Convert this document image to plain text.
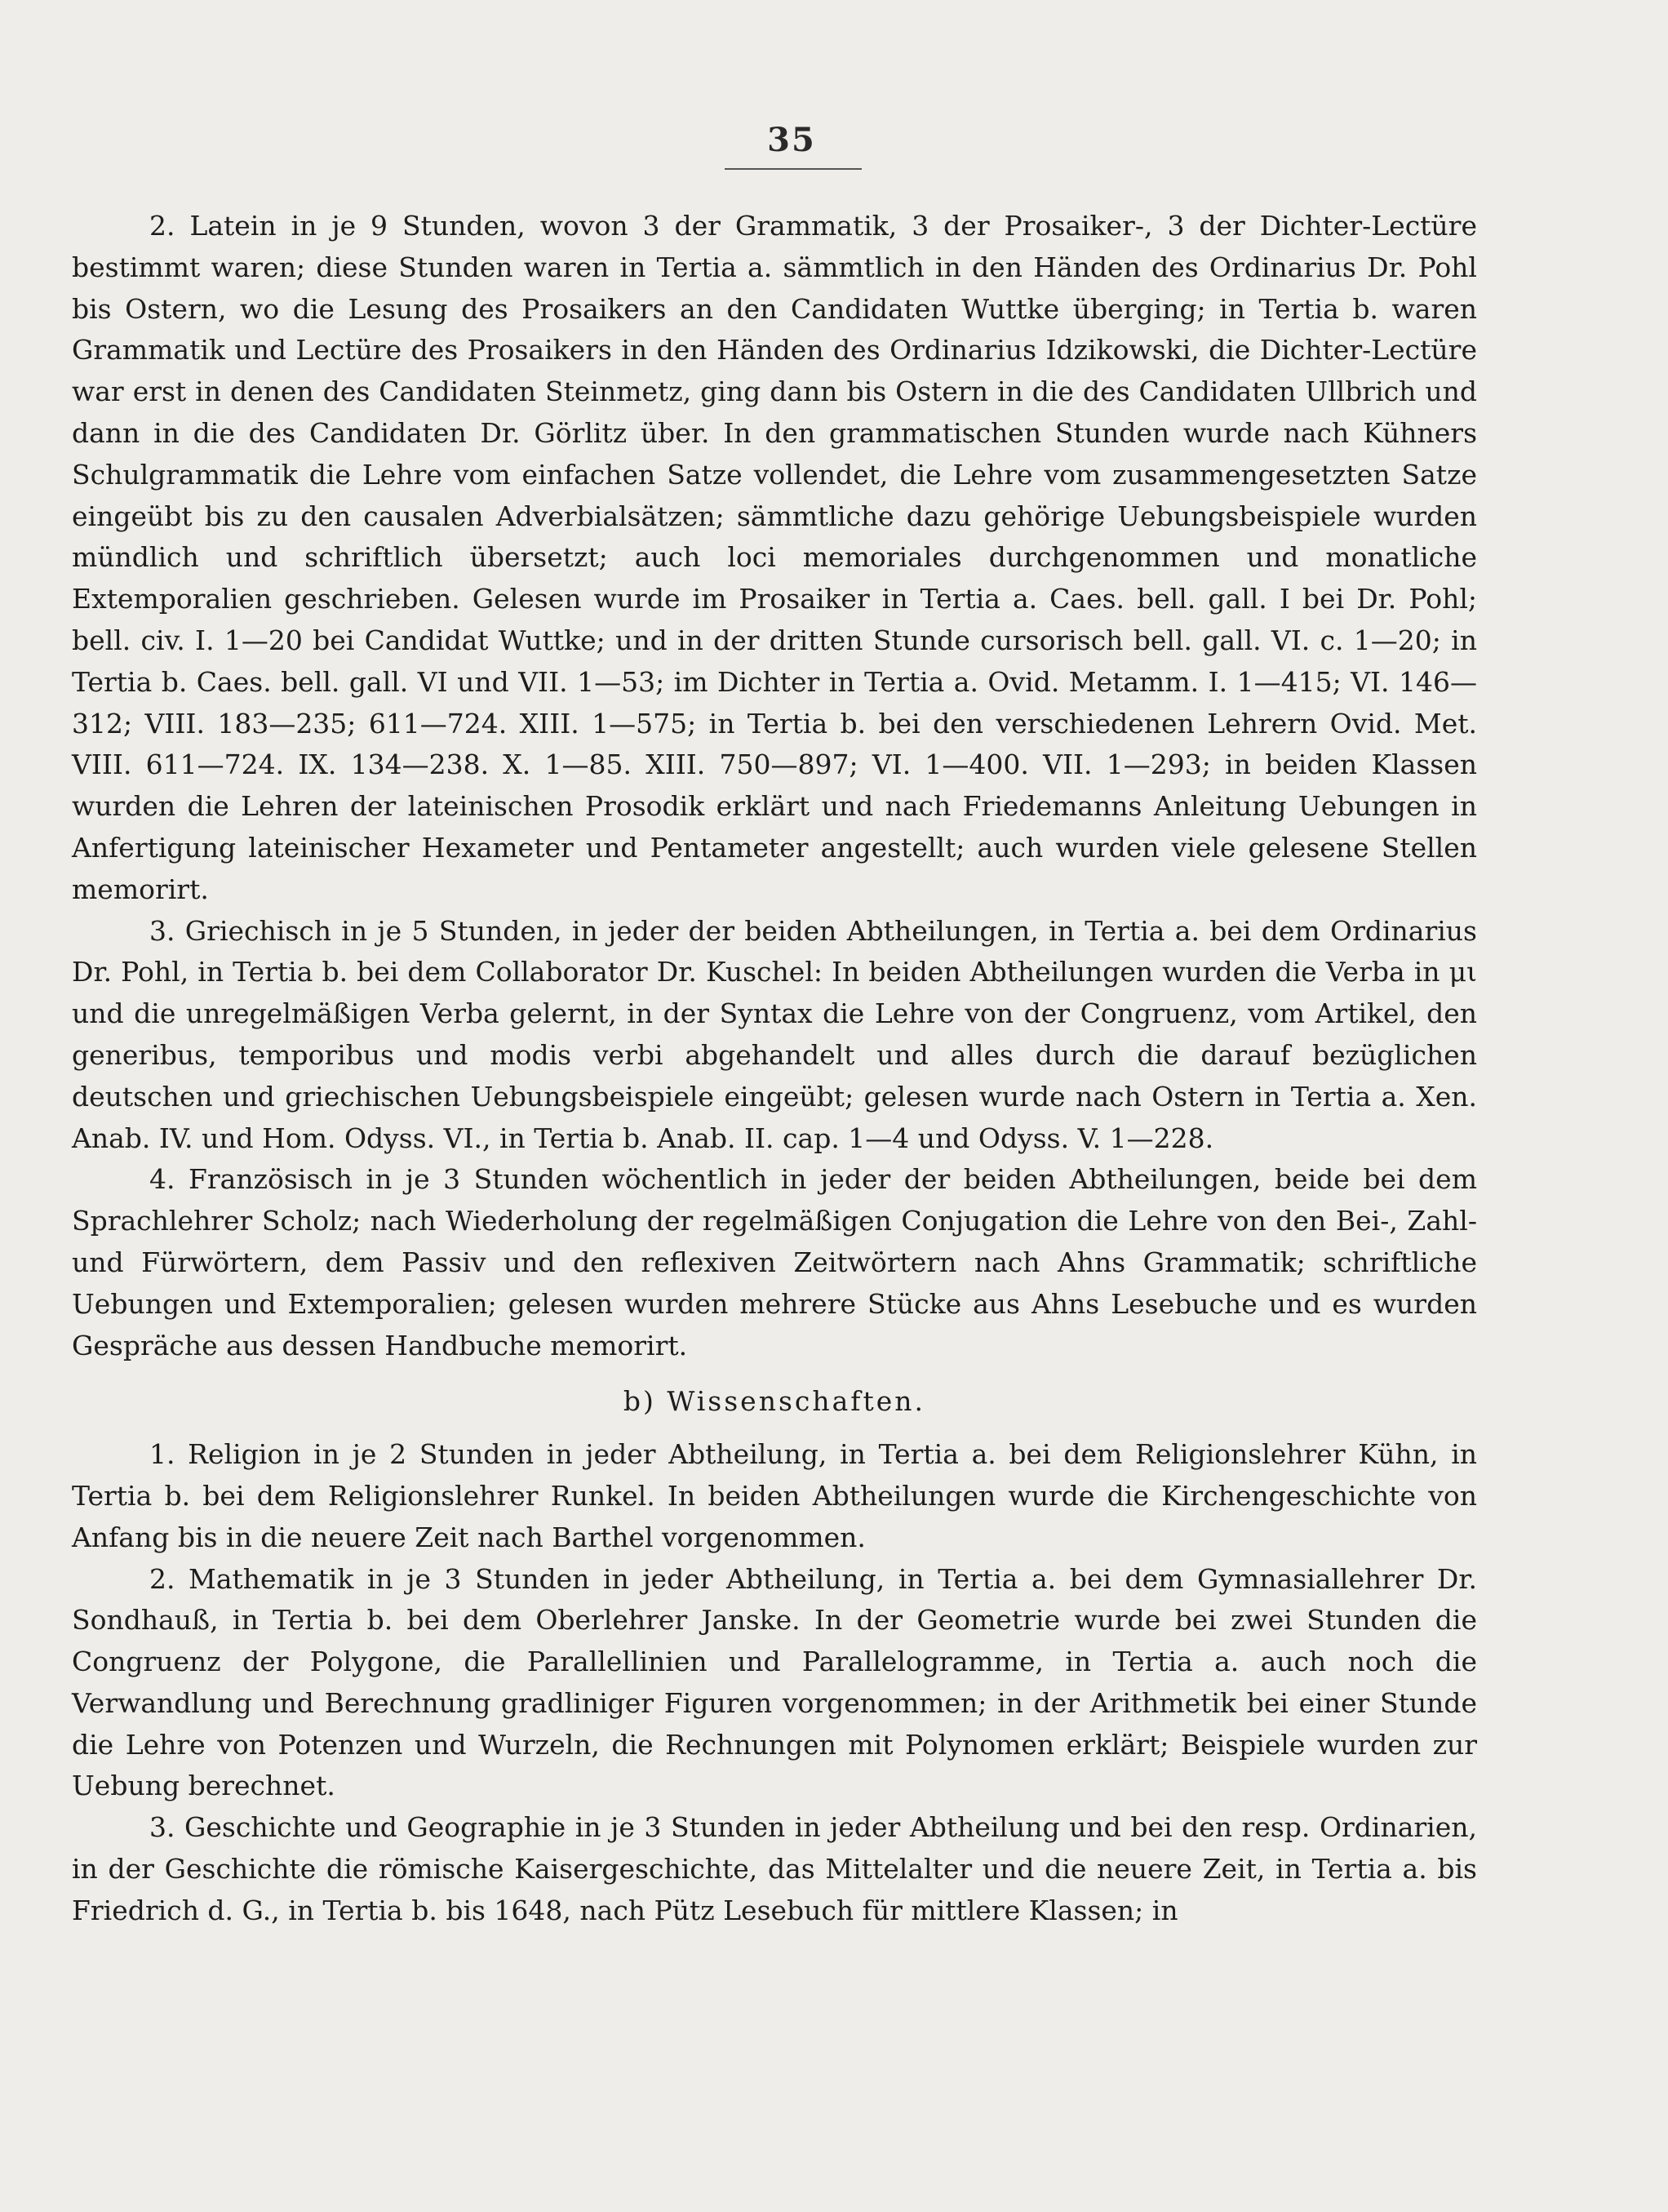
35

2. Latein in je 9 Stunden, wovon 3 der Grammatik, 3 der Prosaiker-, 3 der Dichter-Lectüre bestimmt waren; diese Stunden waren in Tertia a. sämmtlich in den Händen des Ordinarius Dr. Pohl bis Ostern, wo die Lesung des Prosaikers an den Candidaten Wuttke überging; in Tertia b. waren Grammatik und Lectüre des Prosaikers in den Händen des Ordinarius Idzikowski, die Dichter-Lectüre war erst in denen des Candidaten Steinmetz, ging dann bis Ostern in die des Candidaten Ullbrich und dann in die des Candidaten Dr. Görlitz über. In den grammatischen Stunden wurde nach Kühners Schulgrammatik die Lehre vom einfachen Satze vollendet, die Lehre vom zusammengesetzten Satze eingeübt bis zu den causalen Adverbialsätzen; sämmtliche dazu gehörige Uebungsbeispiele wurden mündlich und schriftlich übersetzt; auch loci memoriales durchgenommen und monatliche Extemporalien geschrieben. Gelesen wurde im Prosaiker in Tertia a. Caes. bell. gall. I bei Dr. Pohl; bell. civ. I. 1—20 bei Candidat Wuttke; und in der dritten Stunde cursorisch bell. gall. VI. c. 1—20; in Tertia b. Caes. bell. gall. VI und VII. 1—53; im Dichter in Tertia a. Ovid. Metamm. I. 1—415; VI. 146—312; VIII. 183—235; 611—724. XIII. 1—575; in Tertia b. bei den verschiedenen Lehrern Ovid. Met. VIII. 611—724. IX. 134—238. X. 1—85. XIII. 750—897; VI. 1—400. VII. 1—293; in beiden Klassen wurden die Lehren der lateinischen Prosodik erklärt und nach Friedemanns Anleitung Uebungen in Anfertigung lateinischer Hexameter und Pentameter angestellt; auch wurden viele gelesene Stellen memorirt.

3. Griechisch in je 5 Stunden, in jeder der beiden Abtheilungen, in Tertia a. bei dem Ordinarius Dr. Pohl, in Tertia b. bei dem Collaborator Dr. Kuschel: In beiden Abtheilungen wurden die Verba in μι und die unregelmäßigen Verba gelernt, in der Syntax die Lehre von der Congruenz, vom Artikel, den generibus, temporibus und modis verbi abgehandelt und alles durch die darauf bezüglichen deutschen und griechischen Uebungsbeispiele eingeübt; gelesen wurde nach Ostern in Tertia a. Xen. Anab. IV. und Hom. Odyss. VI., in Tertia b. Anab. II. cap. 1—4 und Odyss. V. 1—228.

4. Französisch in je 3 Stunden wöchentlich in jeder der beiden Abtheilungen, beide bei dem Sprachlehrer Scholz; nach Wiederholung der regelmäßigen Conjugation die Lehre von den Bei-, Zahl- und Fürwörtern, dem Passiv und den reflexiven Zeitwörtern nach Ahns Grammatik; schriftliche Uebungen und Extemporalien; gelesen wurden mehrere Stücke aus Ahns Lesebuche und es wurden Gespräche aus dessen Handbuche memorirt.

b) Wissenschaften.

1. Religion in je 2 Stunden in jeder Abtheilung, in Tertia a. bei dem Religionslehrer Kühn, in Tertia b. bei dem Religionslehrer Runkel. In beiden Abtheilungen wurde die Kirchengeschichte von Anfang bis in die neuere Zeit nach Barthel vorgenommen.

2. Mathematik in je 3 Stunden in jeder Abtheilung, in Tertia a. bei dem Gymnasiallehrer Dr. Sondhauß, in Tertia b. bei dem Oberlehrer Janske. In der Geometrie wurde bei zwei Stunden die Congruenz der Polygone, die Parallellinien und Parallelogramme, in Tertia a. auch noch die Verwandlung und Berechnung gradliniger Figuren vorgenommen; in der Arithmetik bei einer Stunde die Lehre von Potenzen und Wurzeln, die Rechnungen mit Polynomen erklärt; Beispiele wurden zur Uebung berechnet.

3. Geschichte und Geographie in je 3 Stunden in jeder Abtheilung und bei den resp. Ordinarien, in der Geschichte die römische Kaisergeschichte, das Mittelalter und die neuere Zeit, in Tertia a. bis Friedrich d. G., in Tertia b. bis 1648, nach Pütz Lesebuch für mittlere Klassen; in
